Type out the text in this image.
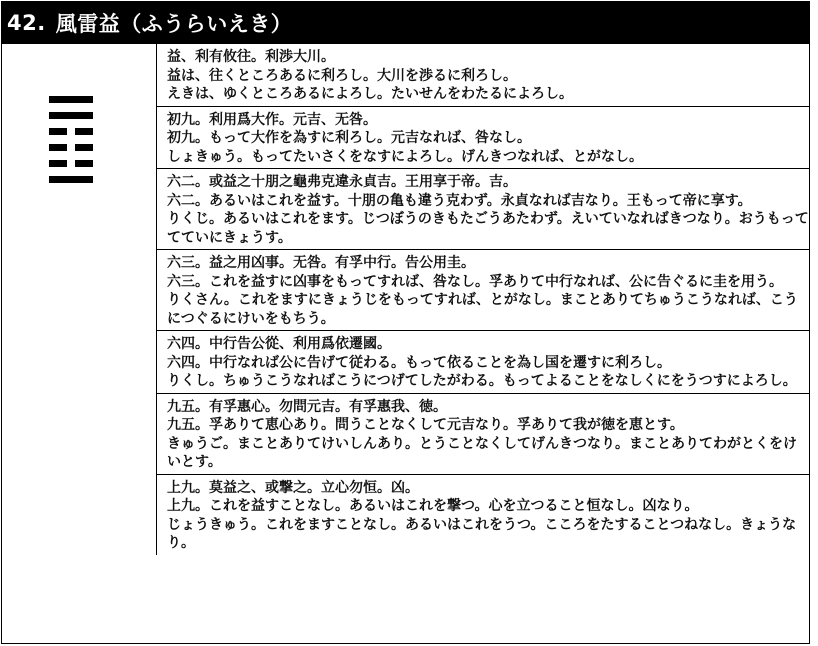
42. 風雷益（ふうらいえき）
益、利有攸往。利渉大川。
益は、往くところあるに利ろし。大川を渉るに利ろし。
えきは、ゆくところあるによろし。たいせんをわたるによろし。
初九。利用爲大作。元吉、无咎。
初九。もって大作を為すに利ろし。元吉なれば、咎なし。
しょきゅう。もってたいさくをなすによろし。げんきつなれば、とがなし。
六二。或益之十朋之龜弗克違永貞吉。王用享于帝。吉。
六二。あるいはこれを益す。十朋の亀も違う克わず。永貞なれば吉なり。王もって帝に享す。
りくじ。あるいはこれをます。じつぼうのきもたごうあたわず。えいていなればきつなり。おうもっててていにきょうす。
六三。益之用凶事。无咎。有孚中行。告公用圭。
六三。これを益すに凶事をもってすれば、咎なし。孚ありて中行なれば、公に告ぐるに圭を用う。
りくさん。これをますにきょうじをもってすれば、とがなし。まことありてちゅうこうなれば、こうにつぐるにけいをもちう。
六四。中行告公從、利用爲依遷國。
六四。中行なれば公に告げて従わる。もって依ることを為し国を遷すに利ろし。
りくし。ちゅうこうなればこうにつげてしたがわる。もってよることをなしくにをうつすによろし。
九五。有孚惠心。勿問元吉。有孚惠我、徳。
九五。孚ありて恵心あり。問うことなくして元吉なり。孚ありて我が徳を恵とす。
きゅうご。まことありてけいしんあり。とうことなくしてげんきつなり。まことありてわがとくをけいとす。
上九。莫益之、或撃之。立心勿恒。凶。
上九。これを益すことなし。あるいはこれを撃つ。心を立つること恒なし。凶なり。
じょうきゅう。これをますことなし。あるいはこれをうつ。こころをたすることつねなし。きょうなり。
